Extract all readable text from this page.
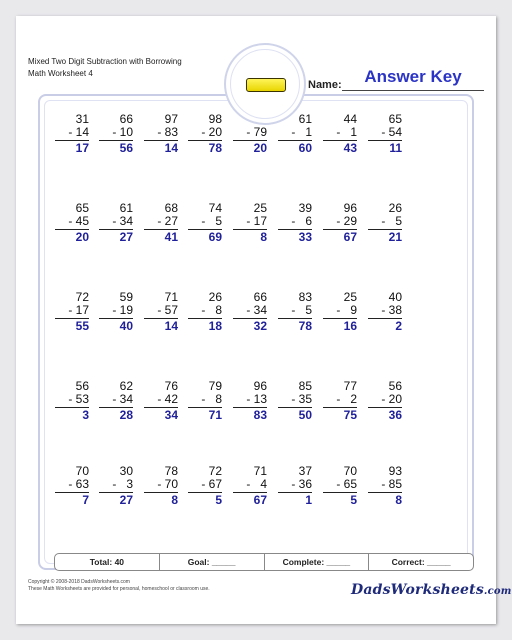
Mixed Two Digit Subtraction with Borrowing
Math Worksheet 4
Name:	Answer Key
31
- 14
17
66
- 10
56
97
- 83
14
98
- 20
78
- 79
20
61
-   1
60
44
-   1
43
65
- 54
11
65
- 45
20
61
- 34
27
68
- 27
41
74
-   5
69
25
- 17
8
39
-   6
33
96
- 29
67
26
-   5
21
72
- 17
55
59
- 19
40
71
- 57
14
26
-   8
18
66
- 34
32
83
-   5
78
25
-   9
16
40
- 38
2
56
- 53
3
62
- 34
28
76
- 42
34
79
-   8
71
96
- 13
83
85
- 35
50
77
-   2
75
56
- 20
36
70
- 63
7
30
-   3
27
78
- 70
8
72
- 67
5
71
-   4
67
37
- 36
1
70
- 65
5
93
- 85
8
Total: 40	Goal: _____	Complete: _____	Correct: _____
Copyright © 2008-2018 DadsWorksheets.com
These Math Worksheets are provided for personal, homeschool or classroom use.	DadsWorksheets.com
